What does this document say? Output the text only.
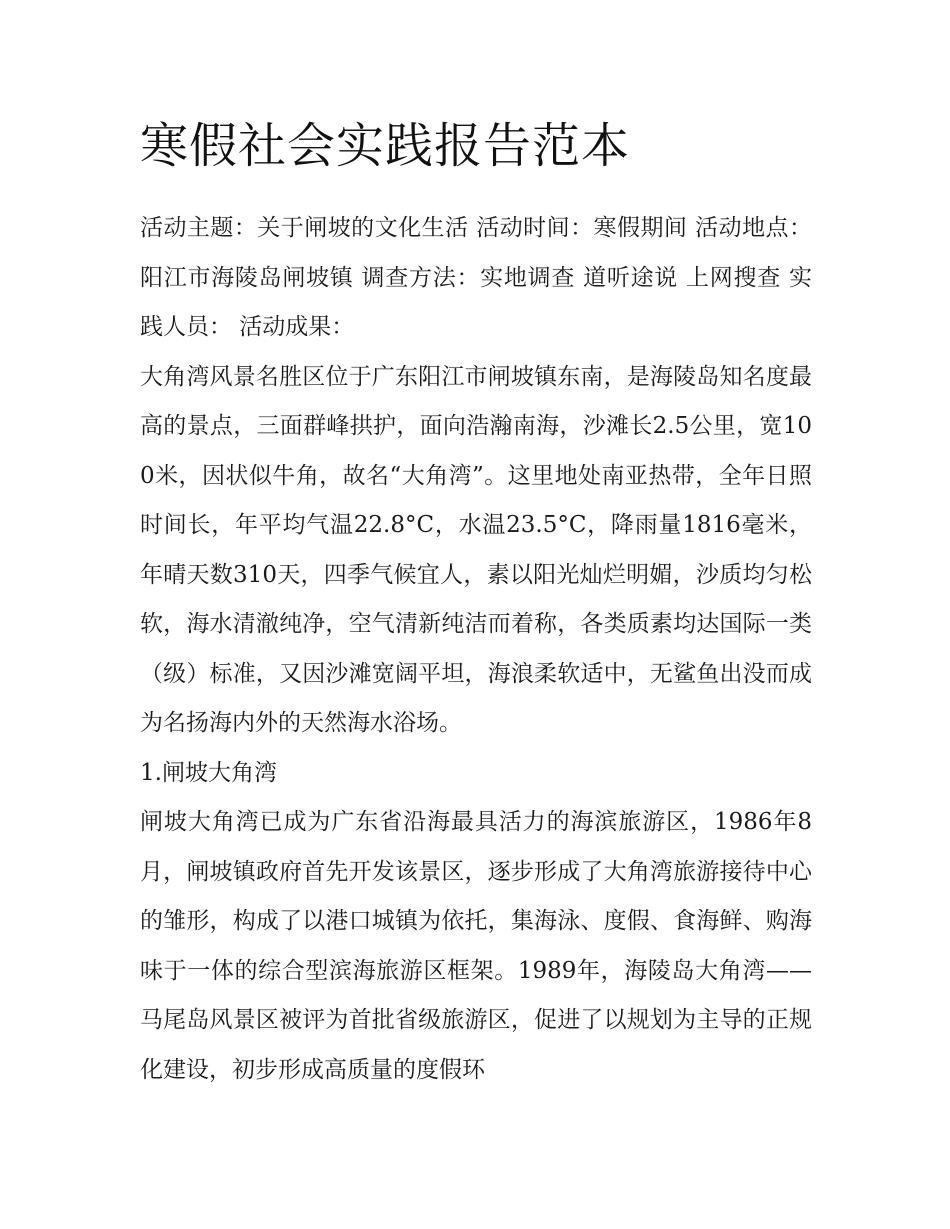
寒假社会实践报告范本

活动主题：关于闸坡的文化生活 活动时间：寒假期间 活动地点：阳江市海陵岛闸坡镇 调查方法：实地调查 道听途说 上网搜查 实践人员： 活动成果：

大角湾风景名胜区位于广东阳江市闸坡镇东南，是海陵岛知名度最高的景点，三面群峰拱护，面向浩瀚南海，沙滩长2.5公里，宽100米，因状似牛角，故名“大角湾”。这里地处南亚热带，全年日照时间长，年平均气温22.8°C，水温23.5°C，降雨量1816毫米，年晴天数310天，四季气候宜人，素以阳光灿烂明媚，沙质均匀松软，海水清澈纯净，空气清新纯洁而着称，各类质素均达国际一类（级）标准，又因沙滩宽阔平坦，海浪柔软适中，无鲨鱼出没而成为名扬海内外的天然海水浴场。

1.闸坡大角湾

闸坡大角湾已成为广东省沿海最具活力的海滨旅游区，1986年8月，闸坡镇政府首先开发该景区，逐步形成了大角湾旅游接待中心的雏形，构成了以港口城镇为依托，集海泳、度假、食海鲜、购海味于一体的综合型滨海旅游区框架。1989年，海陵岛大角湾——马尾岛风景区被评为首批省级旅游区，促进了以规划为主导的正规化建设，初步形成高质量的度假环
